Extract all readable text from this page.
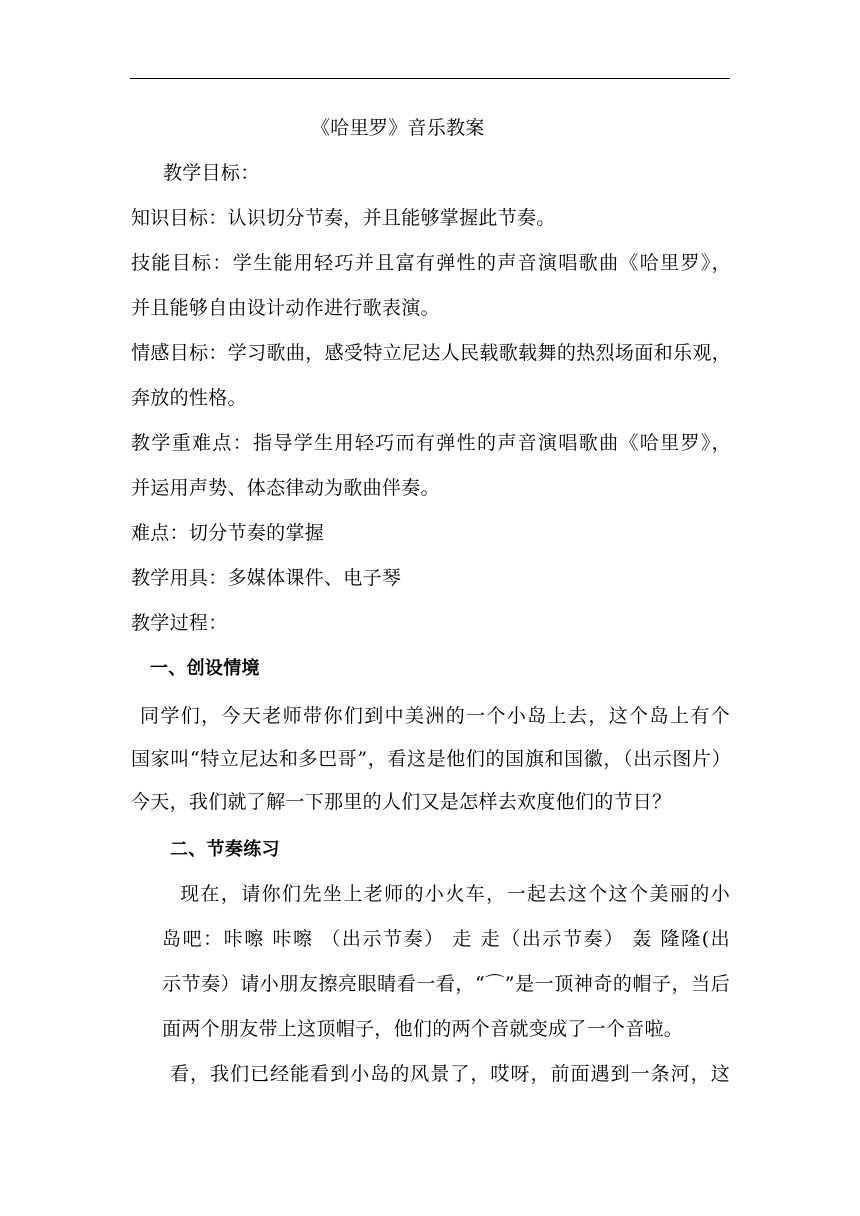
《哈里罗》音乐教案
教学目标：
知识目标：认识切分节奏，并且能够掌握此节奏。
技能目标：学生能用轻巧并且富有弹性的声音演唱歌曲《哈里罗》，
并且能够自由设计动作进行歌表演。
情感目标：学习歌曲，感受特立尼达人民载歌载舞的热烈场面和乐观，
奔放的性格。
教学重难点：指导学生用轻巧而有弹性的声音演唱歌曲《哈里罗》，
并运用声势、体态律动为歌曲伴奏。
难点：切分节奏的掌握
教学用具：多媒体课件、电子琴
教学过程：
一、创设情境
同学们，今天老师带你们到中美洲的一个小岛上去，这个岛上有个
国家叫“特立尼达和多巴哥”，看这是他们的国旗和国徽，（出示图片）
今天，我们就了解一下那里的人们又是怎样去欢度他们的节日？
二、节奏练习
现在，请你们先坐上老师的小火车，一起去这个这个美丽的小
岛吧：咔嚓 咔嚓 （出示节奏） 走 走（出示节奏） 轰 隆隆(出
示节奏）请小朋友擦亮眼睛看一看，“⌒”是一顶神奇的帽子，当后
面两个朋友带上这顶帽子，他们的两个音就变成了一个音啦。
看，我们已经能看到小岛的风景了，哎呀，前面遇到一条河，这
